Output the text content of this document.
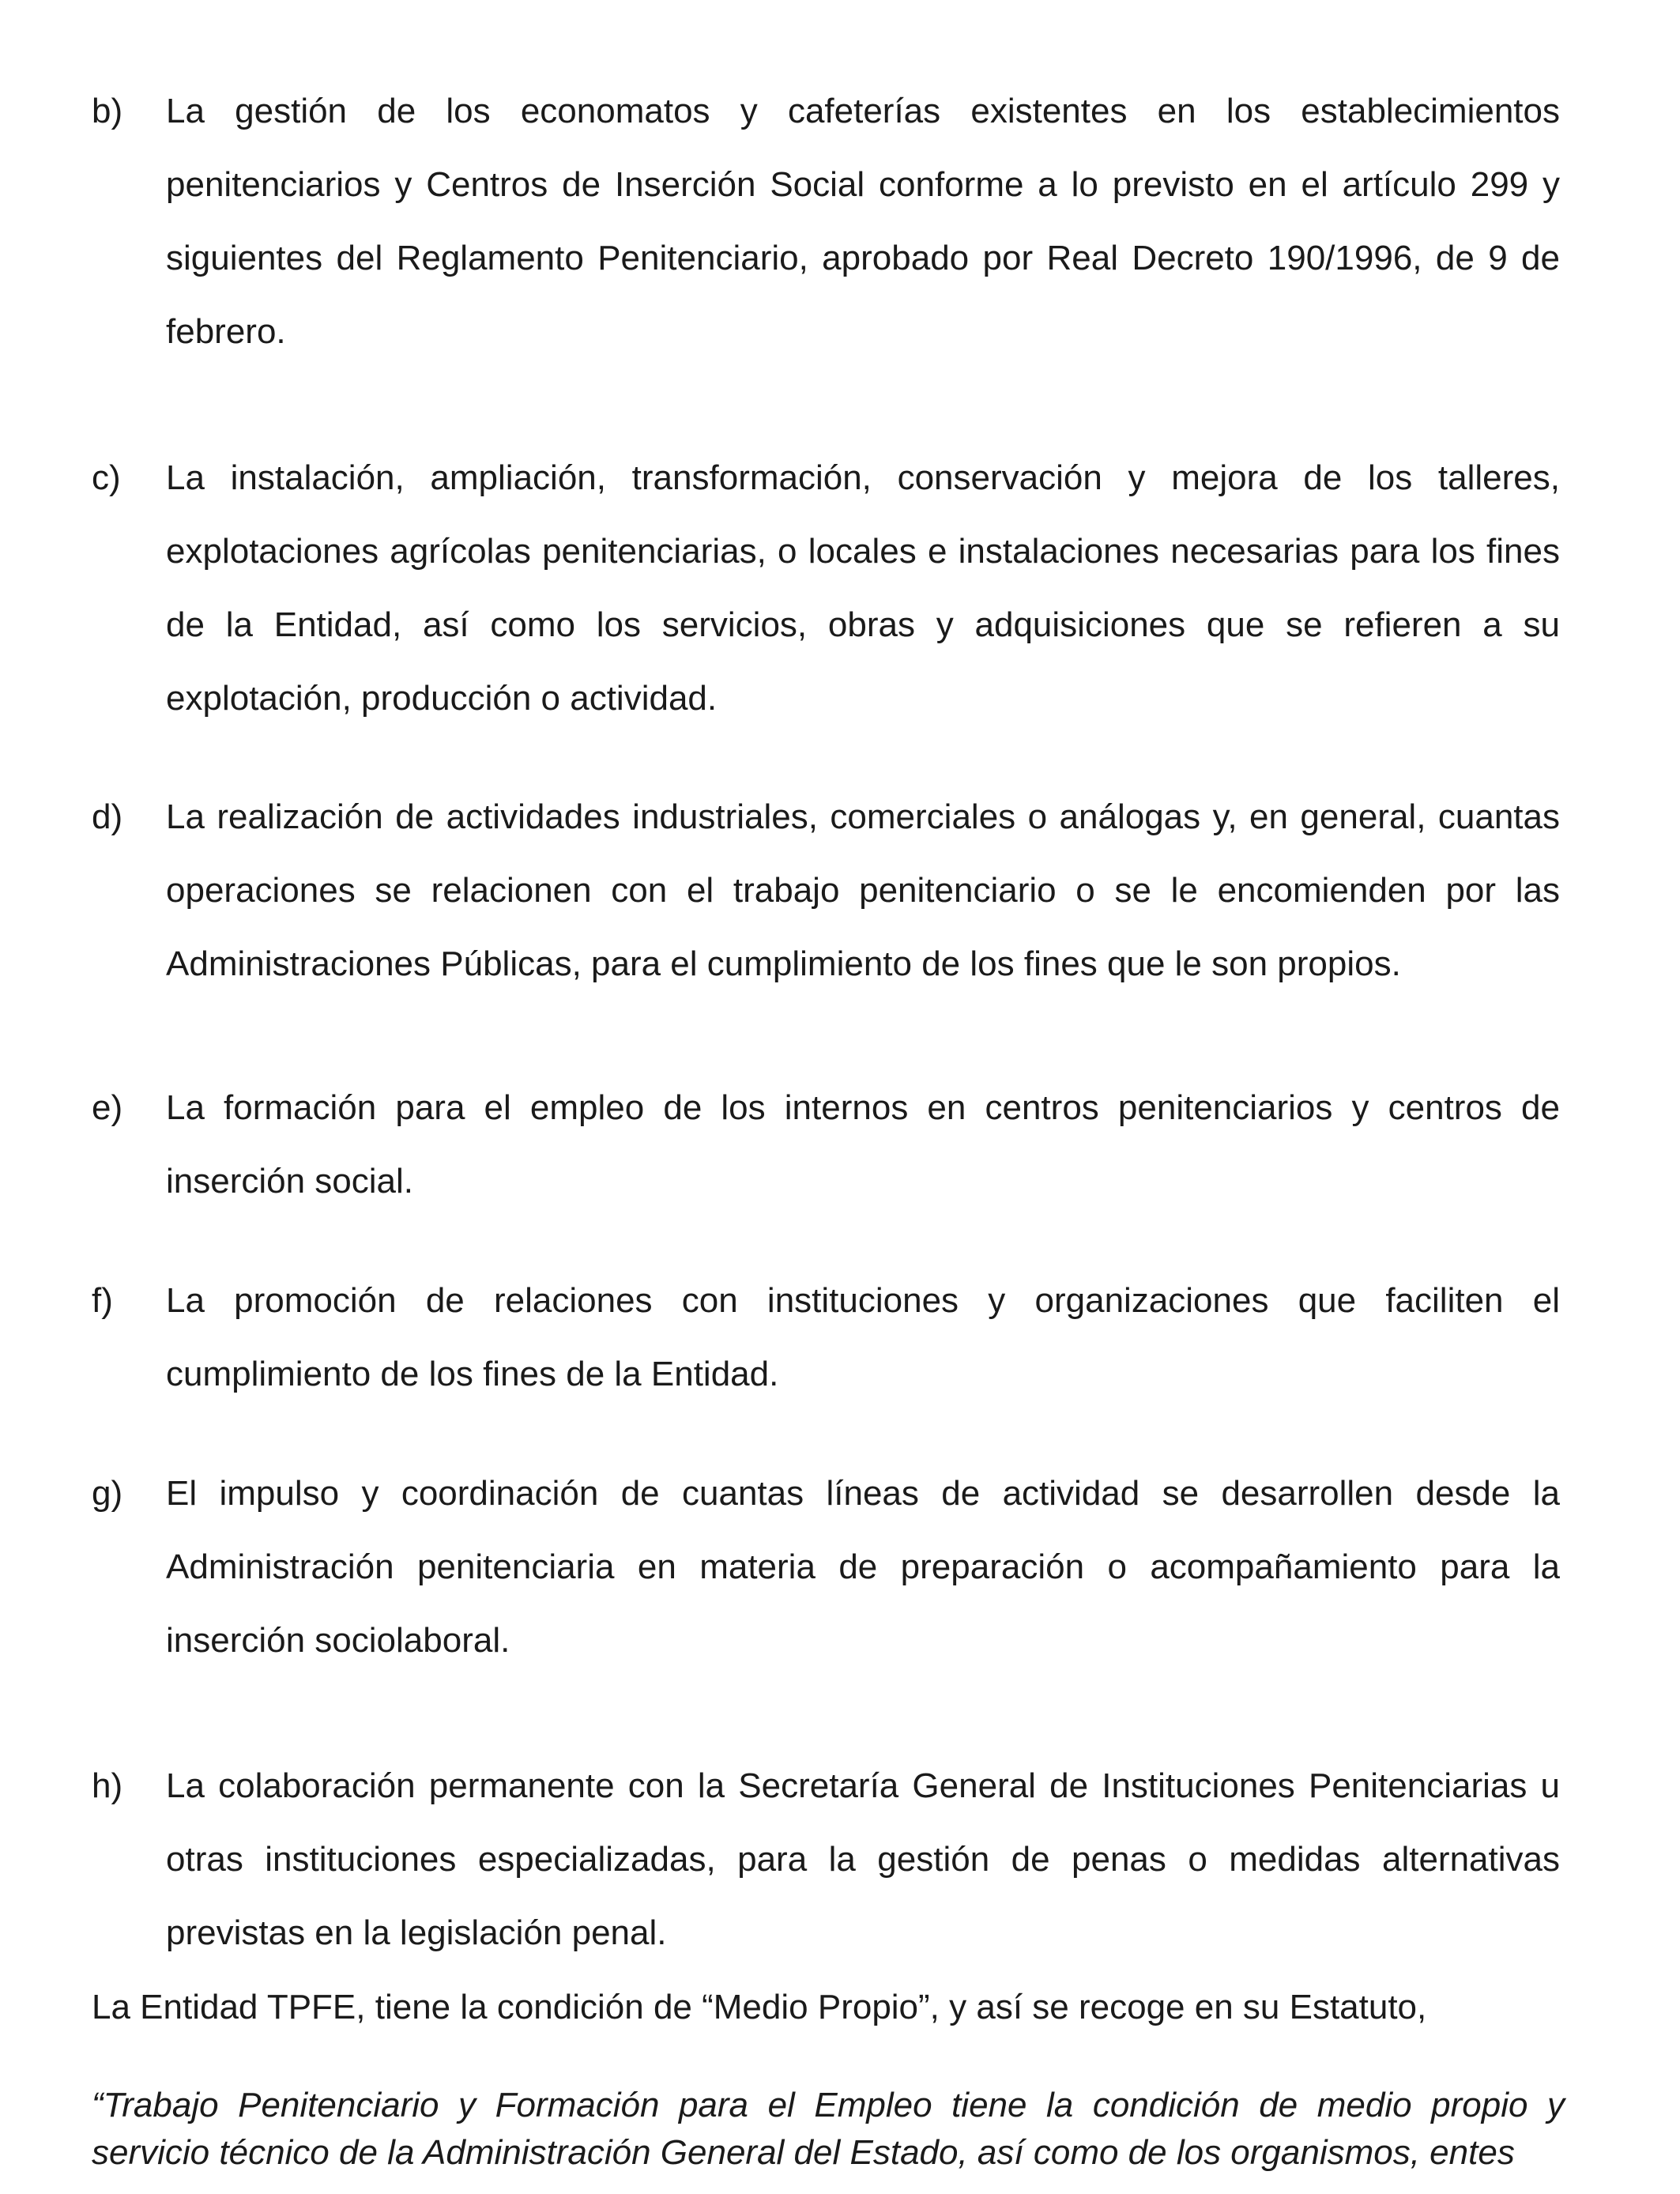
b) La gestión de los economatos y cafeterías existentes en los establecimientos penitenciarios y Centros de Inserción Social conforme a lo previsto en el artículo 299 y siguientes del Reglamento Penitenciario, aprobado por Real Decreto 190/1996, de 9 de febrero.
c) La instalación, ampliación, transformación, conservación y mejora de los talleres, explotaciones agrícolas penitenciarias, o locales e instalaciones necesarias para los fines de la Entidad, así como los servicios, obras y adquisiciones que se refieren a su explotación, producción o actividad.
d) La realización de actividades industriales, comerciales o análogas y, en general, cuantas operaciones se relacionen con el trabajo penitenciario o se le encomienden por las Administraciones Públicas, para el cumplimiento de los fines que le son propios.
e) La formación para el empleo de los internos en centros penitenciarios y centros de inserción social.
f) La promoción de relaciones con instituciones y organizaciones que faciliten el cumplimiento de los fines de la Entidad.
g) El impulso y coordinación de cuantas líneas de actividad se desarrollen desde la Administración penitenciaria en materia de preparación o acompañamiento para la inserción sociolaboral.
h) La colaboración permanente con la Secretaría General de Instituciones Penitenciarias u otras instituciones especializadas, para la gestión de penas o medidas alternativas previstas en la legislación penal.
La Entidad TPFE, tiene la condición de “Medio Propio”, y así se recoge en su Estatuto,
“Trabajo Penitenciario y Formación para el Empleo tiene la condición de medio propio y servicio técnico de la Administración General del Estado, así como de los organismos, entes
